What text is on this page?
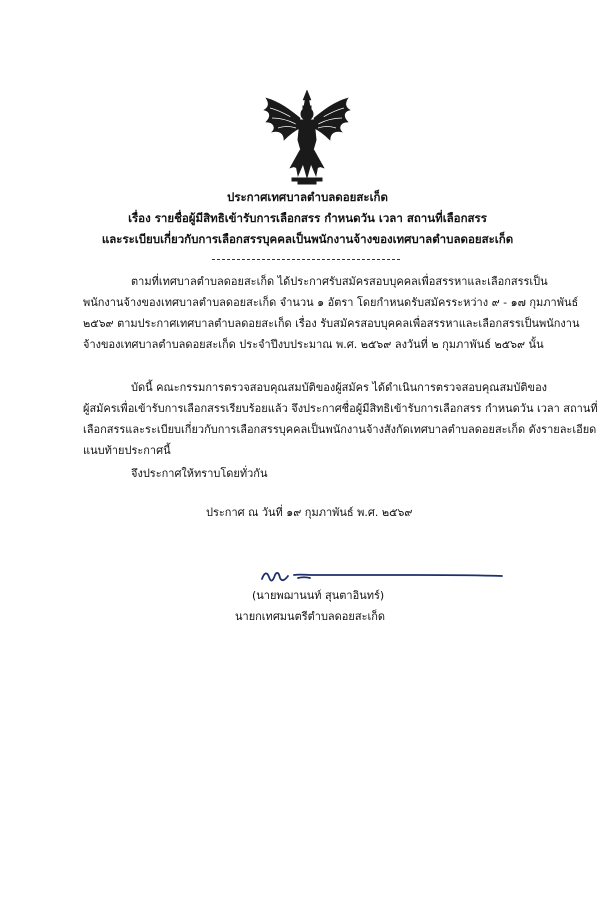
ประกาศเทศบาลตำบลดอยสะเก็ด
เรื่อง รายชื่อผู้มีสิทธิเข้ารับการเลือกสรร กำหนดวัน เวลา สถานที่เลือกสรร
และระเบียบเกี่ยวกับการเลือกสรรบุคคลเป็นพนักงานจ้างของเทศบาลตำบลดอยสะเก็ด
ตามที่เทศบาลตำบลดอยสะเก็ด ได้ประกาศรับสมัครสอบบุคคลเพื่อสรรหาและเลือกสรรเป็น
พนักงานจ้างของเทศบาลตำบลดอยสะเก็ด จำนวน ๑ อัตรา โดยกำหนดรับสมัครระหว่าง ๙ - ๑๗ กุมภาพันธ์
๒๕๖๙ ตามประกาศเทศบาลตำบลดอยสะเก็ด เรื่อง รับสมัครสอบบุคคลเพื่อสรรหาและเลือกสรรเป็นพนักงาน
จ้างของเทศบาลตำบลดอยสะเก็ด ประจำปีงบประมาณ พ.ศ. ๒๕๖๙ ลงวันที่ ๒ กุมภาพันธ์ ๒๕๖๙ นั้น
บัดนี้ คณะกรรมการตรวจสอบคุณสมบัติของผู้สมัคร ได้ดำเนินการตรวจสอบคุณสมบัติของ
ผู้สมัครเพื่อเข้ารับการเลือกสรรเรียบร้อยแล้ว จึงประกาศชื่อผู้มีสิทธิเข้ารับการเลือกสรร กำหนดวัน เวลา สถานที่
เลือกสรรและระเบียบเกี่ยวกับการเลือกสรรบุคคลเป็นพนักงานจ้างสังกัดเทศบาลตำบลดอยสะเก็ด ดังรายละเอียด
แนบท้ายประกาศนี้
จึงประกาศให้ทราบโดยทั่วกัน
ประกาศ ณ วันที่ ๑๙ กุมภาพันธ์ พ.ศ. ๒๕๖๙
(นายพฌานนท์ สุนตาอินทร์)
นายกเทศมนตรีตำบลดอยสะเก็ด
